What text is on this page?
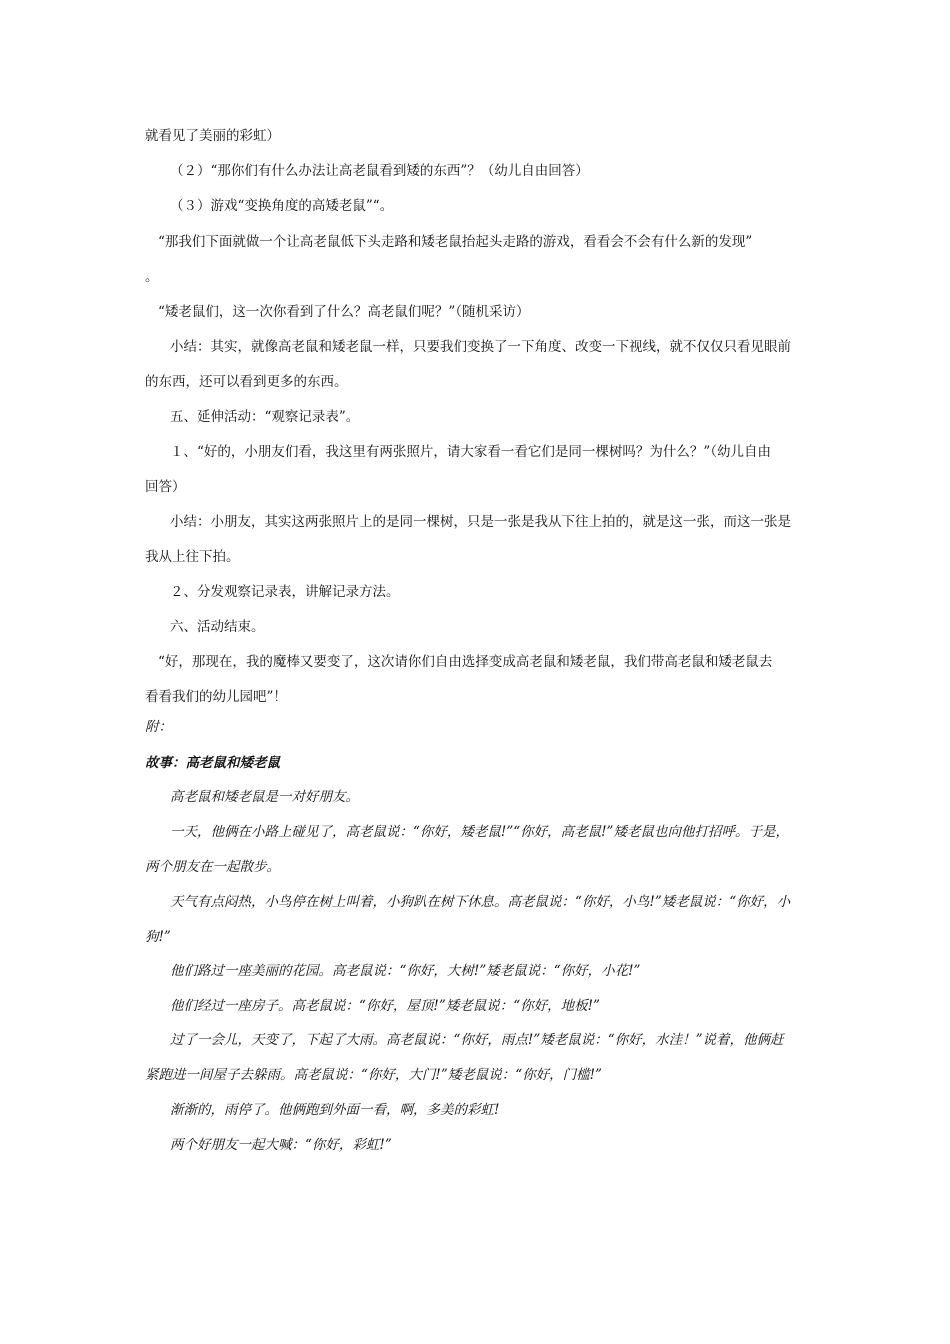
就看见了美丽的彩虹）
（２）“那你们有什么办法让高老鼠看到矮的东西”？（幼儿自由回答）
（３）游戏“变换角度的高矮老鼠”“。
“那我们下面就做一个让高老鼠低下头走路和矮老鼠抬起头走路的游戏，看看会不会有什么新的发现”
。
“矮老鼠们，这一次你看到了什么？高老鼠们呢？”（随机采访）
小结：其实，就像高老鼠和矮老鼠一样，只要我们变换了一下角度、改变一下视线，就不仅仅只看见眼前
的东西，还可以看到更多的东西。
五、延伸活动：“观察记录表”。
１、“好的，小朋友们看，我这里有两张照片，请大家看一看它们是同一棵树吗？为什么？”（幼儿自由
回答）
小结：小朋友，其实这两张照片上的是同一棵树，只是一张是我从下往上拍的，就是这一张，而这一张是
我从上往下拍。
２、分发观察记录表，讲解记录方法。
六、活动结束。
“好，那现在，我的魔棒又要变了，这次请你们自由选择变成高老鼠和矮老鼠，我们带高老鼠和矮老鼠去
看看我们的幼儿园吧”！
附：
故事：高老鼠和矮老鼠
高老鼠和矮老鼠是一对好朋友。
一天，他俩在小路上碰见了，高老鼠说：“你好，矮老鼠!”“你好，高老鼠!”矮老鼠也向他打招呼。于是，
两个朋友在一起散步。
天气有点闷热，小鸟停在树上叫着，小狗趴在树下休息。高老鼠说：“你好，小鸟!”矮老鼠说：“你好，小
狗!”
他们路过一座美丽的花园。高老鼠说：“你好，大树!”矮老鼠说：“你好，小花!”
他们经过一座房子。高老鼠说：“你好，屋顶!”矮老鼠说：“你好，地板!”
过了一会儿，天变了，下起了大雨。高老鼠说：“你好，雨点!”矮老鼠说：“你好，水洼！”说着，他俩赶
紧跑进一间屋子去躲雨。高老鼠说：“你好，大门!”矮老鼠说：“你好，门槛!”
渐渐的，雨停了。他俩跑到外面一看，啊，多美的彩虹!
两个好朋友一起大喊：“你好，彩虹!”
